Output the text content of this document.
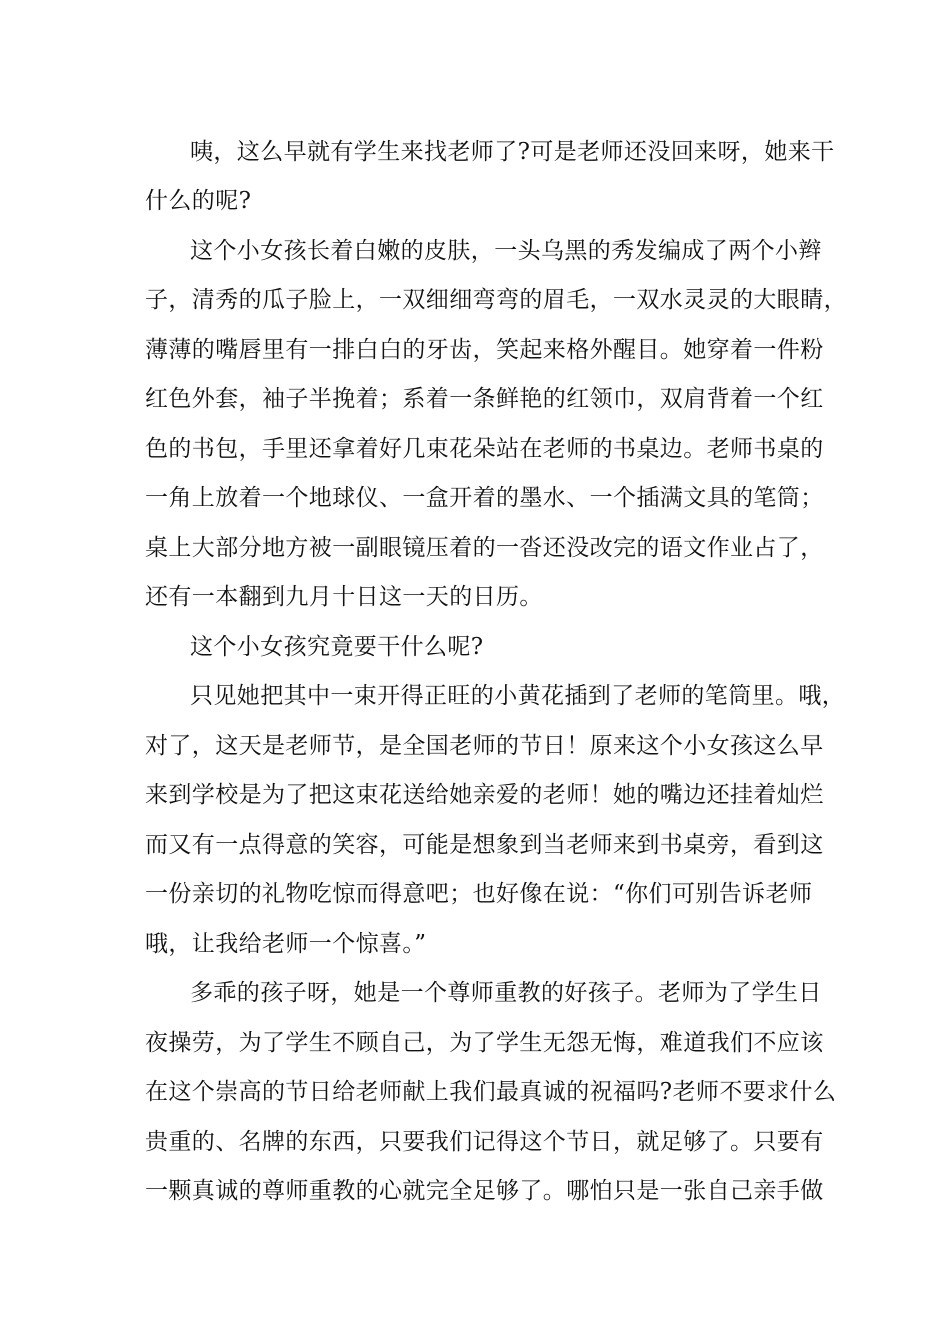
咦，这么早就有学生来找老师了?可是老师还没回来呀，她来干
什么的呢?
这个小女孩长着白嫩的皮肤，一头乌黑的秀发编成了两个小辫
子，清秀的瓜子脸上，一双细细弯弯的眉毛，一双水灵灵的大眼睛，
薄薄的嘴唇里有一排白白的牙齿，笑起来格外醒目。她穿着一件粉
红色外套，袖子半挽着；系着一条鲜艳的红领巾，双肩背着一个红
色的书包，手里还拿着好几束花朵站在老师的书桌边。老师书桌的
一角上放着一个地球仪、一盒开着的墨水、一个插满文具的笔筒；
桌上大部分地方被一副眼镜压着的一沓还没改完的语文作业占了，
还有一本翻到九月十日这一天的日历。
这个小女孩究竟要干什么呢?
只见她把其中一束开得正旺的小黄花插到了老师的笔筒里。哦，
对了，这天是老师节，是全国老师的节日！原来这个小女孩这么早
来到学校是为了把这束花送给她亲爱的老师！她的嘴边还挂着灿烂
而又有一点得意的笑容，可能是想象到当老师来到书桌旁，看到这
一份亲切的礼物吃惊而得意吧；也好像在说：“你们可别告诉老师
哦，让我给老师一个惊喜。”
多乖的孩子呀，她是一个尊师重教的好孩子。老师为了学生日
夜操劳，为了学生不顾自己，为了学生无怨无悔，难道我们不应该
在这个崇高的节日给老师献上我们最真诚的祝福吗?老师不要求什么
贵重的、名牌的东西，只要我们记得这个节日，就足够了。只要有
一颗真诚的尊师重教的心就完全足够了。哪怕只是一张自己亲手做
